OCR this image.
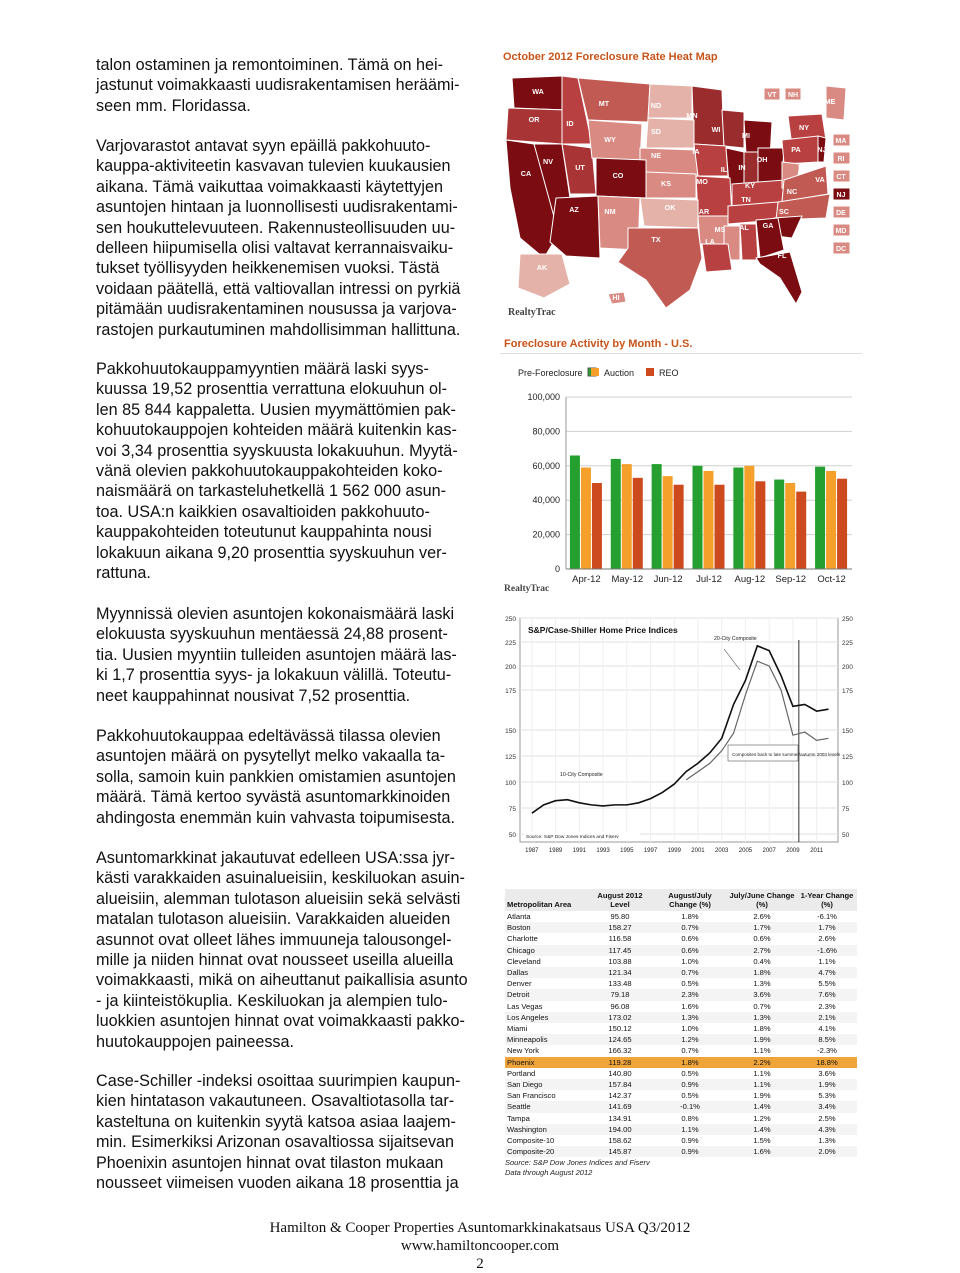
talon ostaminen ja remontoiminen. Tämä on hei-
jastunut voimakkaasti uudisrakentamisen heräämi-
seen mm. Floridassa.

Varjovarastot antavat syyn epäillä pakkohuuto-
kauppa-aktiviteetin kasvavan tulevien kuukausien
aikana. Tämä vaikuttaa voimakkaasti käytettyjen
asuntojen hintaan ja luonnollisesti uudisrakentami-
sen houkuttelevuuteen. Rakennusteollisuuden uu-
delleen hiipumisella olisi valtavat kerrannaisvaiku-
tukset työllisyyden heikkenemisen vuoksi. Tästä
voidaan päätellä, että valtiovallan intressi on pyrkiä
pitämään uudisrakentaminen nousussa ja varjova-
rastojen purkautuminen mahdollisimman hallittuna.

Pakkohuutokauppamyyntien määrä laski syys-
kuussa 19,52 prosenttia verrattuna elokuuhun ol-
len 85 844 kappaletta. Uusien myymättömien pak-
kohuutokauppojen kohteiden määrä kuitenkin kas-
voi 3,34 prosenttia syyskuusta lokakuuhun. Myytä-
vänä olevien pakkohuutokauppakohteiden koko-
naismäärä on tarkasteluhetkellä 1 562 000 asun-
toa. USA:n kaikkien osavaltioiden pakkohuuto-
kauppakohteiden toteutunut kauppahinta nousi
lokakuun aikana 9,20 prosenttia syyskuuhun ver-
rattuna.

Myynnissä olevien asuntojen kokonaismäärä laski
elokuusta syyskuuhun mentäessä 24,88 prosent-
tia. Uusien myyntiin tulleiden asuntojen määrä las-
ki 1,7 prosenttia syys- ja lokakuun välillä. Toteutu-
neet kauppahinnat nousivat 7,52 prosenttia.

Pakkohuutokauppaa edeltävässä tilassa olevien
asuntojen määrä on pysytellyt melko vakaalla ta-
solla, samoin kuin pankkien omistamien asuntojen
määrä. Tämä kertoo syvästä asuntomarkkinoiden
ahdingosta enemmän kuin vahvasta toipumisesta.

Asuntomarkkinat jakautuvat edelleen USA:ssa jyr-
kästi varakkaiden asuinalueisiin, keskiluokan asuin-
alueisiin, alemman tulotason alueisiin sekä selvästi
matalan tulotason alueisiin. Varakkaiden alueiden
asunnot ovat olleet lähes immuuneja talousongel-
mille ja niiden hinnat ovat nousseet useilla alueilla
voimakkaasti, mikä on aiheuttanut paikallisia asunto
- ja kiinteistökuplia. Keskiluokan ja alempien tulo-
luokkien asuntojen hinnat ovat voimakkaasti pakko-
huutokauppojen paineessa.

Case-Schiller -indeksi osoittaa suurimpien kaupun-
kien hintatason vakautuneen. Osavaltiotasolla tar-
kasteltuna on kuitenkin syytä katsoa asiaa laajem-
min. Esimerkiksi Arizonan osavaltiossa sijaitsevan
Phoenixin asuntojen hinnat ovat tilaston mukaan
nousseet viimeisen vuoden aikana 18 prosenttia ja

October 2012 Foreclosure Rate Heat Map
WA
OR	ID
MT	ND
MN
WI
MI
NY
ME
CA
NV
UT
WY
SD
IA
IL IN
OH
PA NJ
CO
NE
MO	KY
WV
VA
NC
AZ	NM
KS
OK	AR
TN
SC
MS AL GA
TX	LA
FL
AK
HI
VT NH
MA
RI
CT
NJ
DE
MD
DC
RealtyTrac
Foreclosure Activity by Month - U.S.
Pre-Foreclosure Auction	REO
0
20,000
40,000
60,000
80,000
100,000
Apr-12 May-12 Jun-12 Jul-12 Aug-12 Sep-12 Oct-12
RealtyTrac
250	250
225	225
200	200
175	175
150	150
125	125
100	100
75	75
50	50
S&P/Case-Shiller Home Price Indices
20-City Composite
10-City Composite
Composites back to late summer/autumn 2003 levels
Source: S&P Dow Jones Indices and Fiserv
1987 1989 1991 1993 1995 1997 1999 2001 2003 2005 2007 2009 2011
Metropolitan Area	August 2012 Level	August/July Change (%)	July/June Change (%)	1-Year Change (%)
Atlanta	95.80	1.8%	2.6%	-6.1%
Boston	158.27	0.7%	1.7%	1.7%
Charlotte	116.58	0.6%	0.6%	2.6%
Chicago	117.45	0.6%	2.7%	-1.6%
Cleveland	103.88	1.0%	0.4%	1.1%
Dallas	121.34	0.7%	1.8%	4.7%
Denver	133.48	0.5%	1.3%	5.5%
Detroit	79.18	2.3%	3.6%	7.6%
Las Vegas	96.08	1.6%	0.7%	2.3%
Los Angeles	173.02	1.3%	1.3%	2.1%
Miami	150.12	1.0%	1.8%	4.1%
Minneapolis	124.65	1.2%	1.9%	8.5%
New York	166.32	0.7%	1.1%	-2.3%
Phoenix	119.28	1.8%	2.2%	18.8%
Portland	140.80	0.5%	1.1%	3.6%
San Diego	157.84	0.9%	1.1%	1.9%
San Francisco	142.37	0.5%	1.9%	5.3%
Seattle	141.69	-0.1%	1.4%	3.4%
Tampa	134.91	0.8%	1.2%	2.5%
Washington	194.00	1.1%	1.4%	4.3%
Composite-10	158.62	0.9%	1.5%	1.3%
Composite-20	145.87	0.9%	1.6%	2.0%
Source: S&P Dow Jones Indices and Fiserv
Data through August 2012
Hamilton & Cooper Properties Asuntomarkkinakatsaus USA Q3/2012
www.hamiltoncooper.com
2
